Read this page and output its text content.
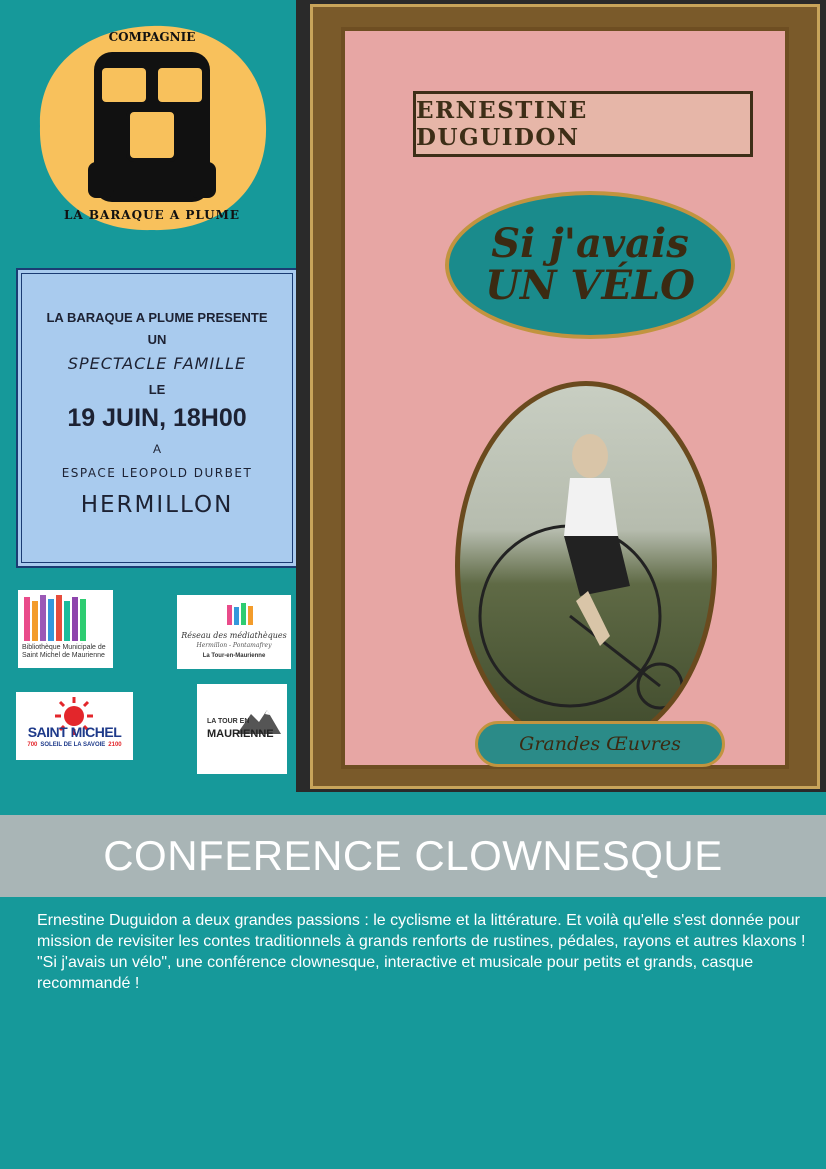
COMPAGNIE
LA BARAQUE A PLUME
LA BARAQUE A PLUME PRESENTE
UN
SPECTACLE FAMILLE
LE
19 JUIN, 18H00
A
ESPACE LEOPOLD DURBET
HERMILLON
Bibliothèque Municipale de Saint Michel de Maurienne
Réseau des médiathèques
Hermillon - Pontamafrey
La Tour-en-Maurienne
SAINT MICHEL
700 SOLEIL DE LA SAVOIE 2100
LA TOUR EN
MAURIENNE
ERNESTINE DUGUIDON
Si j'avais
UN VÉLO
Grandes Œuvres
CONFERENCE CLOWNESQUE

Ernestine Duguidon a deux grandes passions : le cyclisme et la littérature. Et voilà qu'elle s'est donnée pour mission de revisiter les contes traditionnels à grands renforts de rustines, pédales, rayons et autres klaxons !

"Si j'avais un vélo", une conférence clownesque, interactive et musicale pour petits et grands, casque recommandé !
